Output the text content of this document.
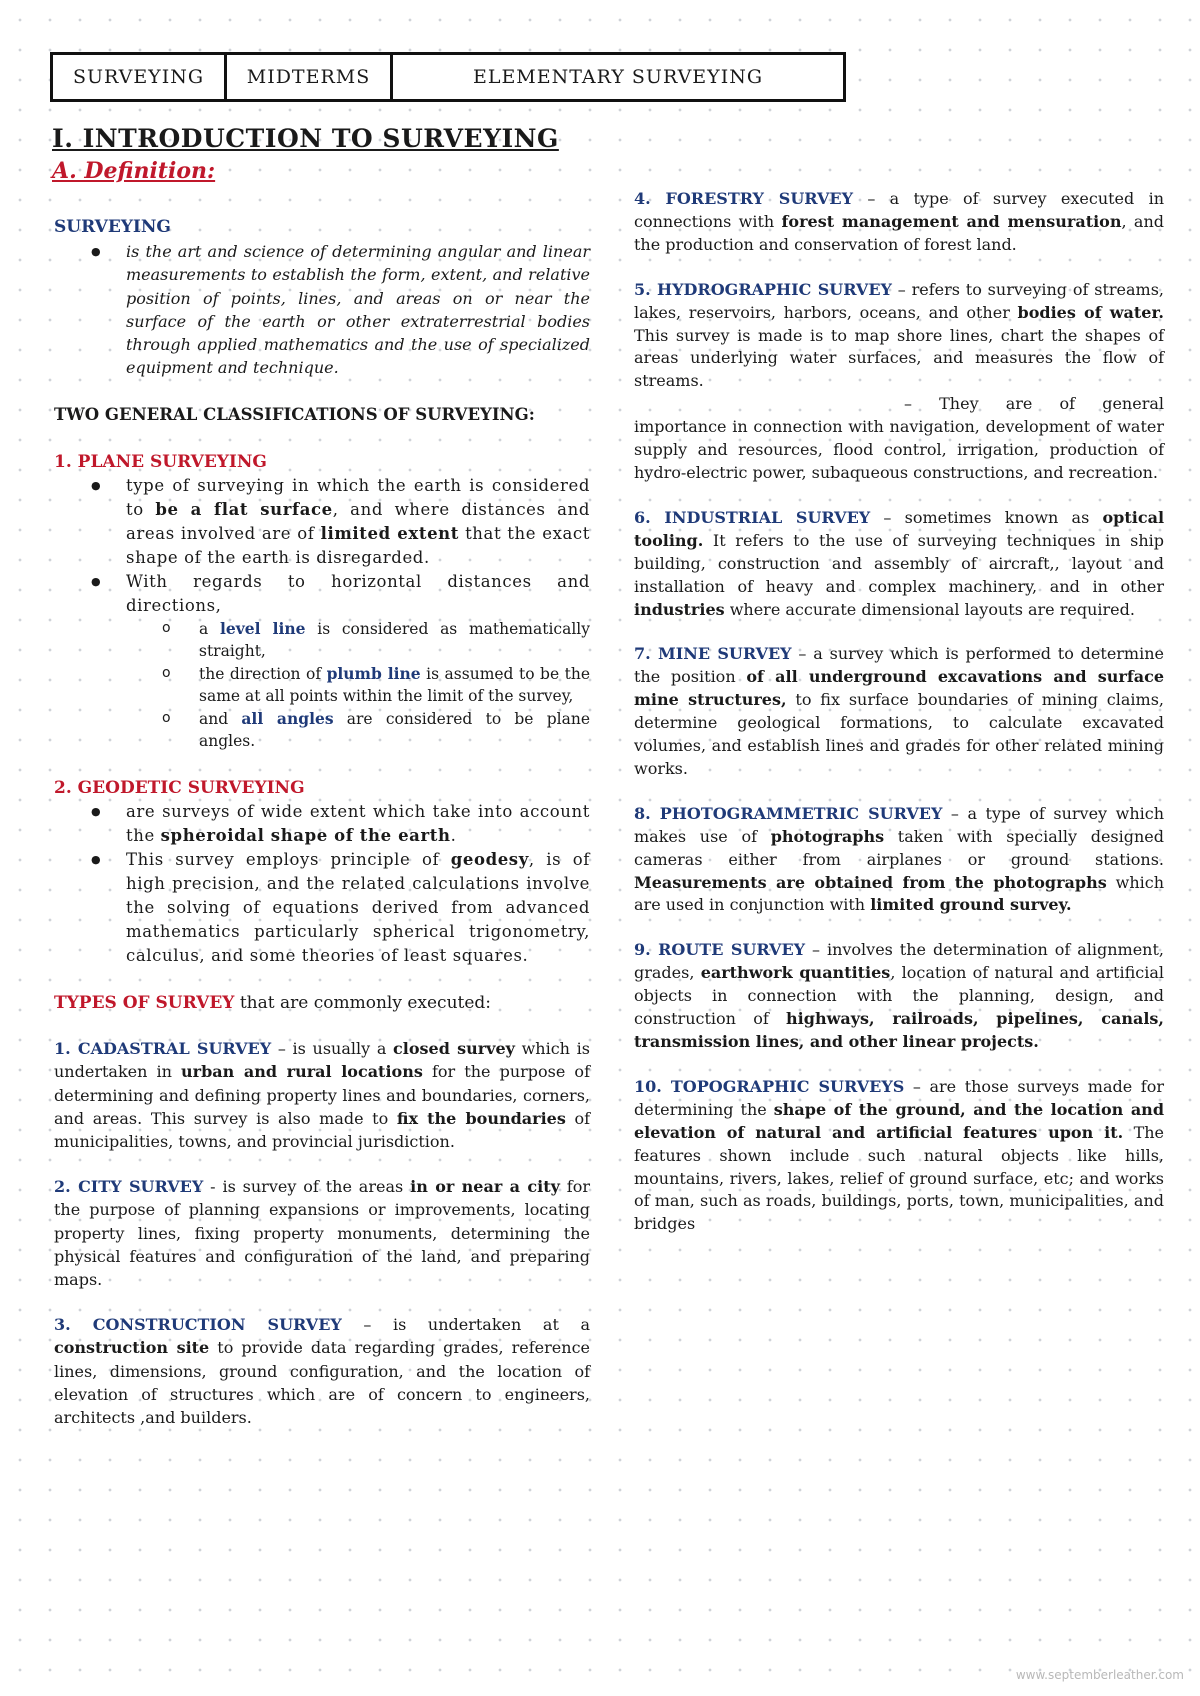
SURVEYING	MIDTERMS	ELEMENTARY SURVEYING
I. INTRODUCTION TO SURVEYING
A. Definition:

SURVEYING

● is the art and science of determining angular and linear measurements to establish the form, extent, and relative position of points, lines, and areas on or near the surface of the earth or other extraterrestrial bodies through applied mathematics and the use of specialized equipment and technique.

TWO GENERAL CLASSIFICATIONS OF SURVEYING:

1. PLANE SURVEYING

● type of surveying in which the earth is considered to be a flat surface, and where distances and areas involved are of limited extent that the exact shape of the earth is disregarded.
● With regards to horizontal distances and directions,
o a level line is considered as mathematically straight,
o the direction of plumb line is assumed to be the same at all points within the limit of the survey,
o and all angles are considered to be plane angles.

2. GEODETIC SURVEYING

● are surveys of wide extent which take into account the spheroidal shape of the earth.
● This survey employs principle of geodesy, is of high precision, and the related calculations involve the solving of equations derived from advanced mathematics particularly spherical trigonometry, calculus, and some theories of least squares.

TYPES OF SURVEY that are commonly executed:

1. CADASTRAL SURVEY – is usually a closed survey which is undertaken in urban and rural locations for the purpose of determining and defining property lines and boundaries, corners, and areas. This survey is also made to fix the boundaries of municipalities, towns, and provincial jurisdiction.

2. CITY SURVEY - is survey of the areas in or near a city for the purpose of planning expansions or improvements, locating property lines, fixing property monuments, determining the physical features and configuration of the land, and preparing maps.

3. CONSTRUCTION SURVEY – is undertaken at a construction site to provide data regarding grades, reference lines, dimensions, ground configuration, and the location of elevation of structures which are of concern to engineers, architects ,and builders.

4. FORESTRY SURVEY – a type of survey executed in connections with forest management and mensuration, and the production and conservation of forest land.

5. HYDROGRAPHIC SURVEY – refers to surveying of streams, lakes, reservoirs, harbors, oceans, and other bodies of water. This survey is made is to map shore lines, chart the shapes of areas underlying water surfaces, and measures the flow of streams.

– They are of general importance in connection with navigation, development of water supply and resources, flood control, irrigation, production of hydro-electric power, subaqueous constructions, and recreation.

6. INDUSTRIAL SURVEY – sometimes known as optical tooling. It refers to the use of surveying techniques in ship building, construction and assembly of aircraft,, layout and installation of heavy and complex machinery, and in other industries where accurate dimensional layouts are required.

7. MINE SURVEY – a survey which is performed to determine the position of all underground excavations and surface mine structures, to fix surface boundaries of mining claims, determine geological formations, to calculate excavated volumes, and establish lines and grades for other related mining works.

8. PHOTOGRAMMETRIC SURVEY – a type of survey which makes use of photographs taken with specially designed cameras either from airplanes or ground stations. Measurements are obtained from the photographs which are used in conjunction with limited ground survey.

9. ROUTE SURVEY – involves the determination of alignment, grades, earthwork quantities, location of natural and artificial objects in connection with the planning, design, and construction of highways, railroads, pipelines, canals, transmission lines, and other linear projects.

10. TOPOGRAPHIC SURVEYS – are those surveys made for determining the shape of the ground, and the location and elevation of natural and artificial features upon it. The features shown include such natural objects like hills, mountains, rivers, lakes, relief of ground surface, etc; and works of man, such as roads, buildings, ports, town, municipalities, and bridges

www.septemberleather.com
